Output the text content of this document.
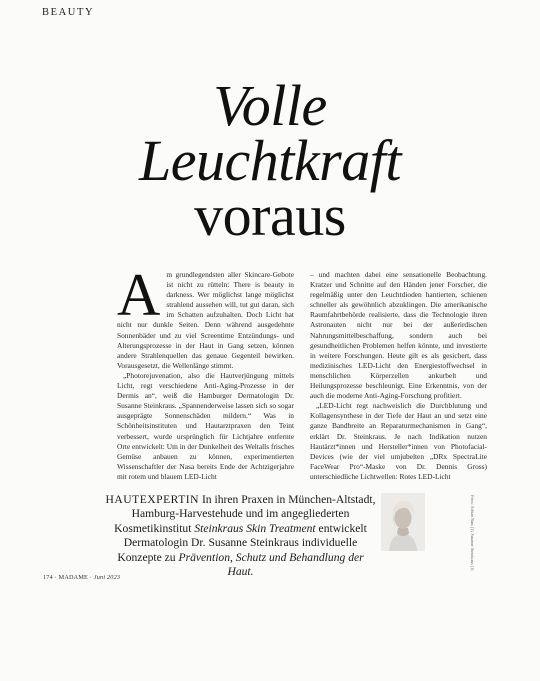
BEAUTY
Volle
Leuchtkraft
voraus

Am grundlegendsten aller Skincare-Gebote ist nicht zu rütteln: There is beauty in darkness. Wer möglichst lange möglichst strahlend aussehen will, tut gut daran, sich im Schatten aufzuhalten. Doch Licht hat nicht nur dunkle Seiten. Denn während ausgedehnte Sonnenbäder und zu viel Screentime Entzündungs- und Alterungsprozesse in der Haut in Gang setzen, können andere Strahlenquellen das genaue Gegenteil bewirken. Vorausgesetzt, die Wellenlänge stimmt.

„Photorejuvenation, also die Hautverjüngung mittels Licht, regt verschiedene Anti-Aging-Prozesse in der Dermis an“, weiß die Hamburger Dermatologin Dr. Susanne Steinkraus. „Spannenderweise lassen sich so sogar ausgeprägte Sonnenschäden mildern.“ Was in Schönheitsinstituten und Hautarztpraxen den Teint verbessert, wurde ursprünglich für Lichtjahre entfernte Orte entwickelt: Um in der Dunkelheit des Weltalls frisches Gemüse anbauen zu können, experimentierten Wissenschaftler der Nasa bereits Ende der Achtzigerjahre mit rotem und blauem LED-Licht

– und machten dabei eine sensationelle Beobachtung. Kratzer und Schnitte auf den Händen jener Forscher, die regelmäßig unter den Leuchtdioden hantierten, schienen schneller als gewöhnlich abzuklingen. Die amerikanische Raumfahrtbehörde realisierte, dass die Technologie ihren Astronauten nicht nur bei der außerirdischen Nahrungsmittelbeschaffung, sondern auch bei gesundheitlichen Problemen helfen könnte, und investierte in weitere Forschungen. Heute gilt es als gesichert, dass medizinisches LED-Licht den Energiestoffwechsel in menschlichen Körperzellen ankurbelt und Heilungsprozesse beschleunigt. Eine Erkenntnis, von der auch die moderne Anti-Aging-Forschung profitiert.

„LED-Licht regt nachweislich die Durchblutung und Kollagensynthese in der Tiefe der Haut an und setzt eine ganze Bandbreite an Reparaturmechanismen in Gang“, erklärt Dr. Steinkraus. Je nach Indikation nutzen Hautärzt*innen und Hersteller*innen von Photofacial-Devices (wie der viel umjubelten „DRx SpectraLite FaceWear Pro“-Maske von Dr. Dennis Gross) unterschiedliche Lichtwellen: Rotes LED-Licht

HAUTEXPERTIN In ihren Praxen in München-Altstadt, Hamburg-Harvestehude und im angegliederten Kosmetikinstitut Steinkraus Skin Treatment entwickelt Dermatologin Dr. Susanne Steinkraus individuelle Konzepte zu Prävention, Schutz und Behandlung der Haut.
Fotos: Adrian Nuss (1), Susanne Steinkraus (1)
174 · MADAME · Juni 2023
